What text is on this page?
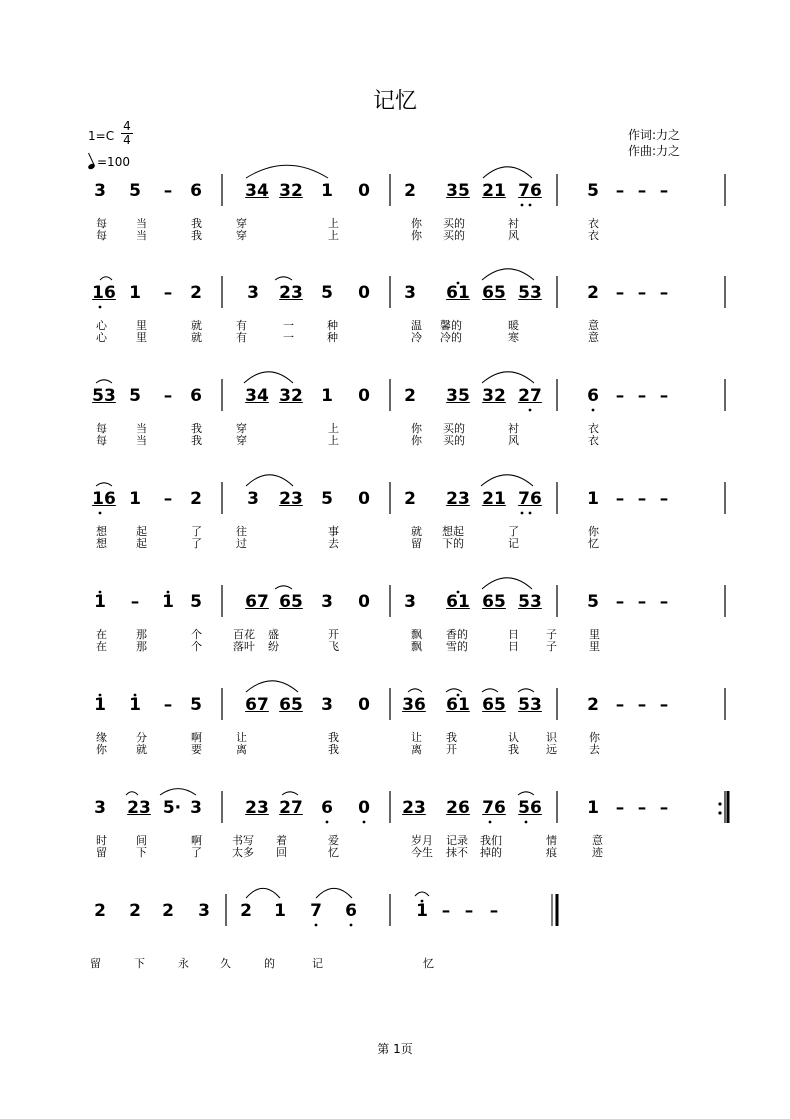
记忆
1=C
4
4
=100
作词:力之
作曲:力之
3 5 – 6	34 32 1 0 2 35 21 76	5 – – –
每	当	我	穿	上	你 买的	衬	衣
每	当	我	穿	上	你 买的	风	衣
16 1 – 2	3 23 5 0 3 61 65 53	2 – – –
心	里	就	有	一	种	温 馨的	暖	意
心	里	就	有	一	种	冷 冷的	寒	意
53 5 – 6	34 32 1 0 2 35 32 27	6 – – –
每	当	我	穿	上	你 买的	衬	衣
每	当	我	穿	上	你 买的	风	衣
16 1 – 2	3 23 5 0 2 23 21 76	1 – – –
想	起	了	往	事	就 想起	了	你
想	起	了	过	去	留 下的	记	忆
1 – 1 5	67 65 3 0 3 61 65 53	5 – – –
在	那	个	百花 盛	开	飘 香的	日 子	里
在	那	个	落叶 纷	飞	飘 雪的	日 子	里
1 1 – 5	67 65 3 0 36 61 65 53	2 – – –
缘	分	啊	让	我	让 我	认 识	你
你	就	要	离	我	离 开	我 远	去
3 23 5· 3	23 27 6 0 23 26 76 56	1 – – –
时	间	啊	书写 着	爱	岁月 记录 我们	情	意
留	下	了	太多 回	忆	今生 抹不 掉的	痕	迹
2 2 2 3 2 1 7 6	1 – – –
留	下	永	久	的	记	忆
第 1页
